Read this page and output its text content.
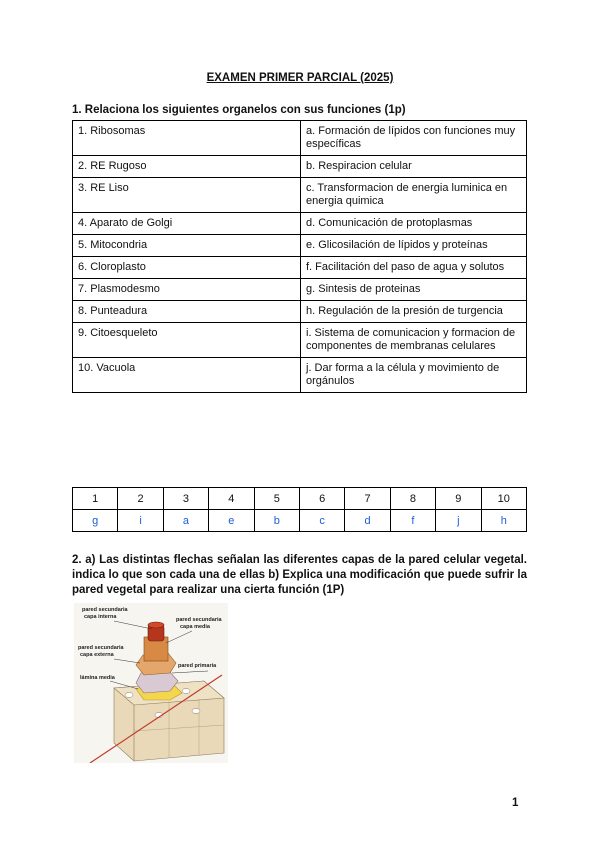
EXAMEN PRIMER PARCIAL (2025)
1. Relaciona los siguientes organelos con sus funciones (1p)
1. Ribosomas	a. Formación de lípidos con funciones muy específicas
2. RE Rugoso	b. Respiracion celular
3. RE Liso	c. Transformacion de energia luminica en energia quimica
4. Aparato de Golgi	d. Comunicación de protoplasmas
5. Mitocondria	e. Glicosilación de lípidos y proteínas
6. Cloroplasto	f. Facilitación del paso de agua y solutos
7. Plasmodesmo	g. Sintesis de proteinas
8. Punteadura	h. Regulación de la presión de turgencia
9. Citoesqueleto	i. Sistema de comunicacion y formacion de componentes de membranas celulares
10. Vacuola	j. Dar forma a la célula y movimiento de orgánulos
1	2	3	4	5	6	7	8	9	10
g	i	a	e	b	c	d	f	j	h
2. a) Las distintas flechas señalan las diferentes capas de la pared celular vegetal. indica lo que son cada una de ellas b) Explica una modificación que puede sufrir la pared vegetal para realizar una cierta función (1P)
pared secundaria
capa interna	pared secundaria
capa media
pared secundaria
capa externa
pared primaria
lámina media
1
